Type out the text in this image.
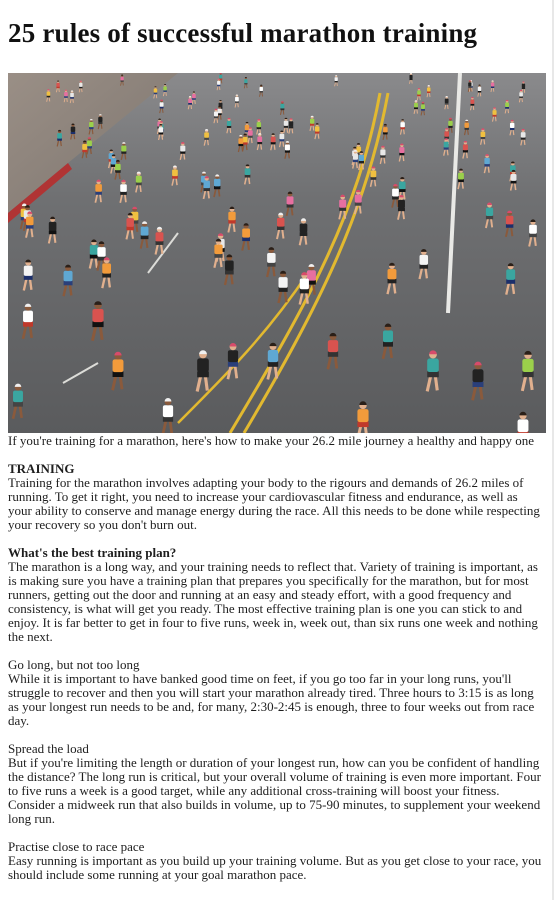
25 rules of successful marathon training

If you're training for a marathon, here's how to make your 26.2 mile journey a healthy and happy one

TRAINING

Training for the marathon involves adapting your body to the rigours and demands of 26.2 miles of running. To get it right, you need to increase your cardiovascular fitness and endurance, as well as your ability to conserve and manage energy during the race. All this needs to be done while respecting your recovery so you don't burn out.

What's the best training plan?

The marathon is a long way, and your training needs to reflect that. Variety of training is important, as is making sure you have a training plan that prepares you specifically for the marathon, but for most runners, getting out the door and running at an easy and steady effort, with a good frequency and consistency, is what will get you ready. The most effective training plan is one you can stick to and enjoy. It is far better to get in four to five runs, week in, week out, than six runs one week and nothing the next.

Go long, but not too long

While it is important to have banked good time on feet, if you go too far in your long runs, you'll struggle to recover and then you will start your marathon already tired. Three hours to 3:15 is as long as your longest run needs to be and, for many, 2:30-2:45 is enough, three to four weeks out from race day.

Spread the load

But if you're limiting the length or duration of your longest run, how can you be confident of handling the distance? The long run is critical, but your overall volume of training is even more important. Four to five runs a week is a good target, while any additional cross-training will boost your fitness. Consider a midweek run that also builds in volume, up to 75-90 minutes, to supplement your weekend long run.

Practise close to race pace

Easy running is important as you build up your training volume. But as you get close to your race, you should include some running at your goal marathon pace.
